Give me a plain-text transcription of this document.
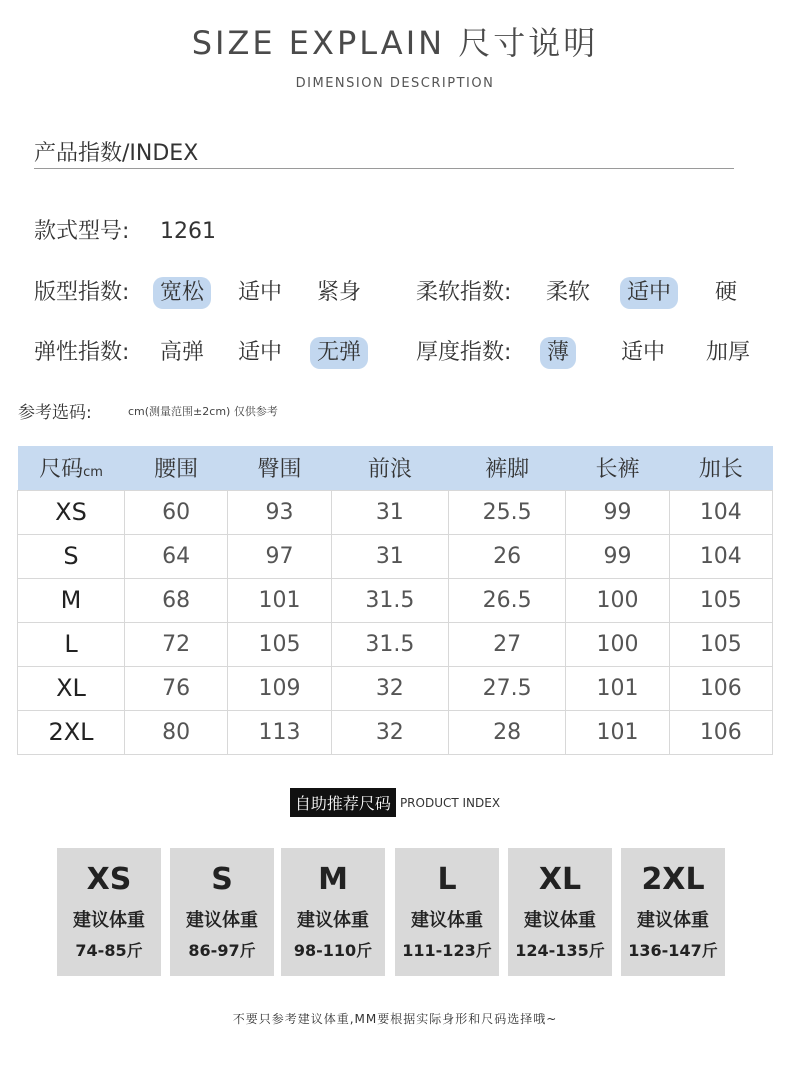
SIZE EXPLAIN 尺寸说明
DIMENSION DESCRIPTION
产品指数/INDEX
款式型号: 1261
版型指数:	宽松	适中	紧身	柔软指数:	柔软	适中	硬
弹性指数:	高弹	适中	无弹	厚度指数:	薄	适中	加厚
参考选码:	cm(测量范围±2cm) 仅供参考
尺码cm	腰围	臀围	前浪	裤脚	长裤	加长
XS	60	93	31	25.5	99	104
S	64	97	31	26	99	104
M	68	101	31.5	26.5	100	105
L	72	105	31.5	27	100	105
XL	76	109	32	27.5	101	106
2XL	80	113	32	28	101	106
自助推荐尺码 PRODUCT INDEX
XS
建议体重
74-85斤
S
建议体重
86-97斤
M
建议体重
98-110斤
L
建议体重
111-123斤
XL
建议体重
124-135斤
2XL
建议体重
136-147斤
不要只参考建议体重,MM要根据实际身形和尺码选择哦~
